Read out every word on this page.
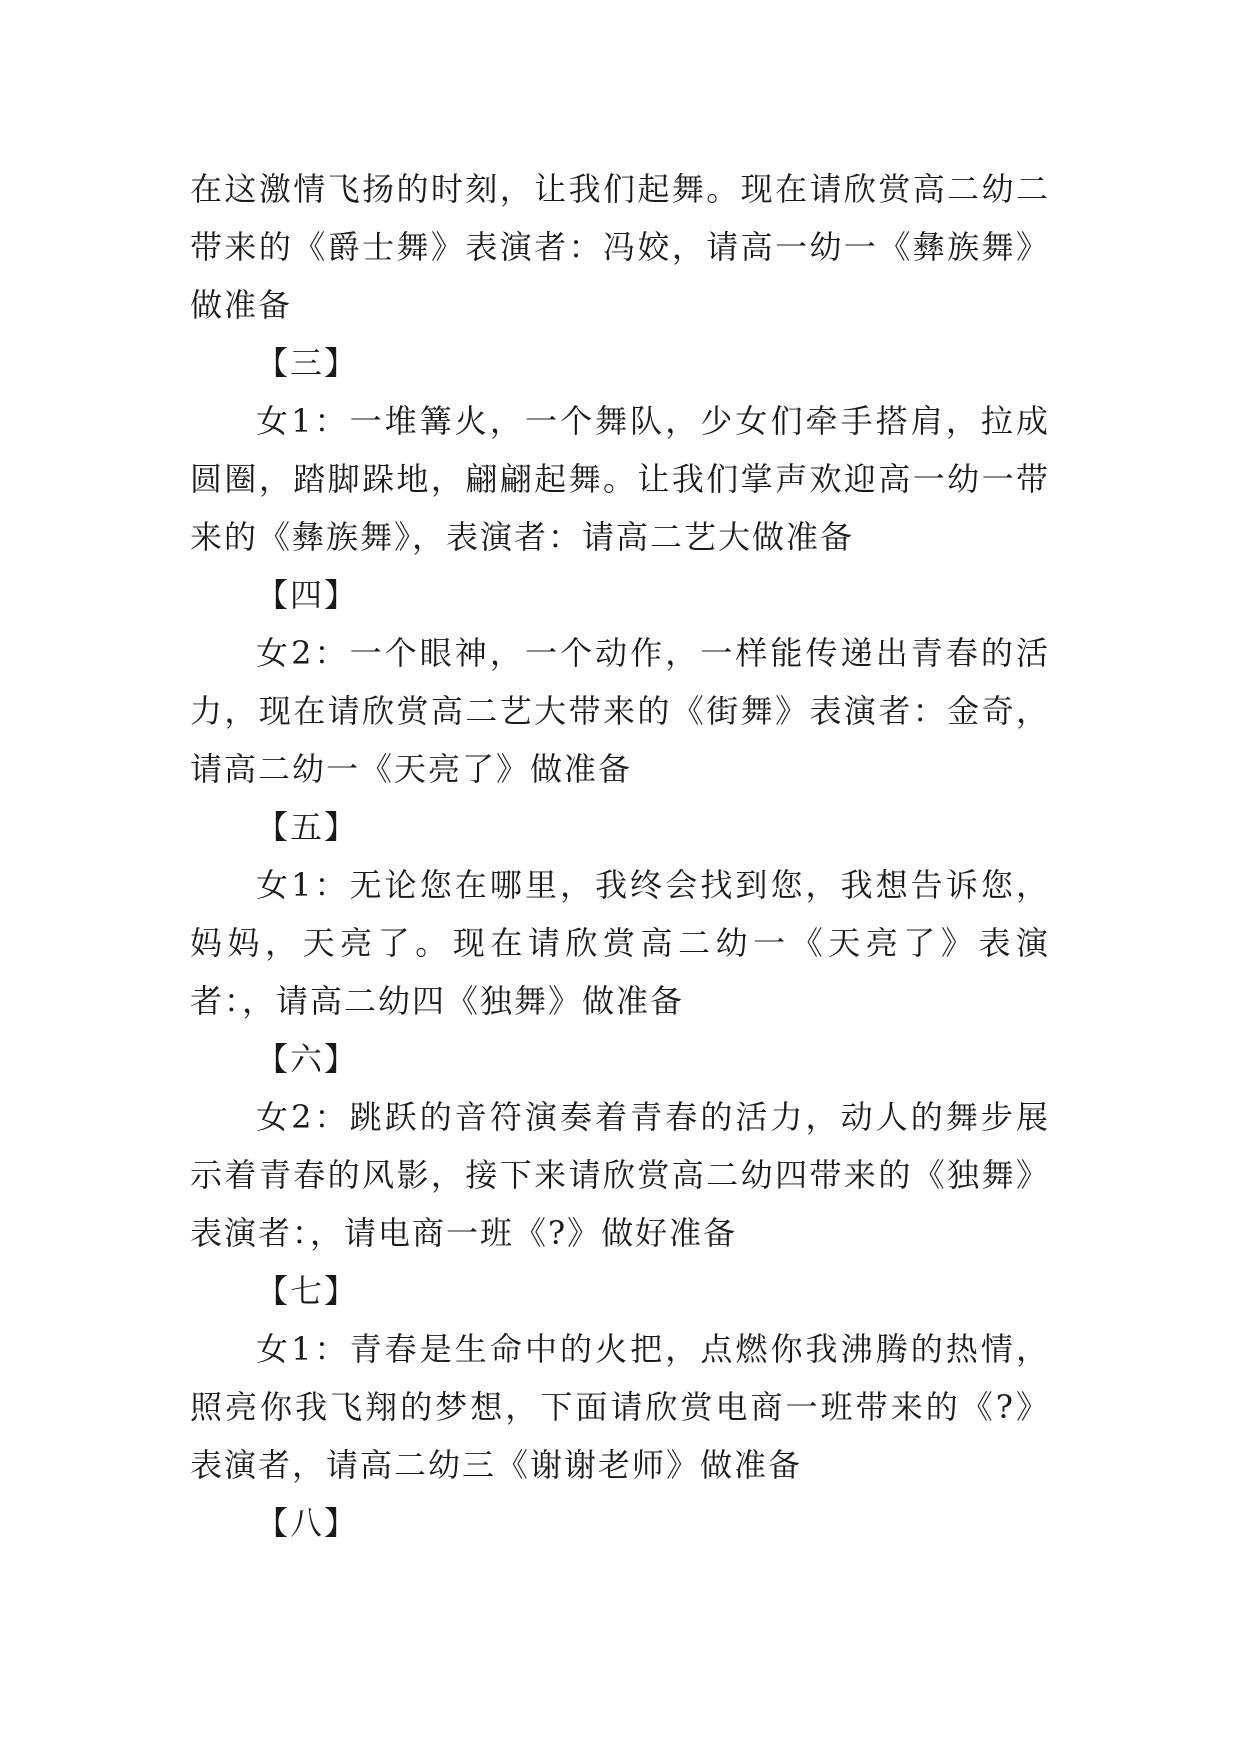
在这激情飞扬的时刻，让我们起舞。现在请欣赏高二幼二带来的《爵士舞》表演者：冯姣，请高一幼一《彝族舞》做准备

【三】

女1：一堆篝火，一个舞队，少女们牵手搭肩，拉成圆圈，踏脚跺地，翩翩起舞。让我们掌声欢迎高一幼一带来的《彝族舞》，表演者：请高二艺大做准备

【四】

女2：一个眼神，一个动作，一样能传递出青春的活力，现在请欣赏高二艺大带来的《街舞》表演者：金奇，请高二幼一《天亮了》做准备

【五】

女1：无论您在哪里，我终会找到您，我想告诉您，妈妈，天亮了。现在请欣赏高二幼一《天亮了》表演者：，请高二幼四《独舞》做准备

【六】

女2：跳跃的音符演奏着青春的活力，动人的舞步展示着青春的风影，接下来请欣赏高二幼四带来的《独舞》表演者：，请电商一班《?》做好准备

【七】

女1：青春是生命中的火把，点燃你我沸腾的热情，照亮你我飞翔的梦想，下面请欣赏电商一班带来的《?》表演者，请高二幼三《谢谢老师》做准备

【八】
